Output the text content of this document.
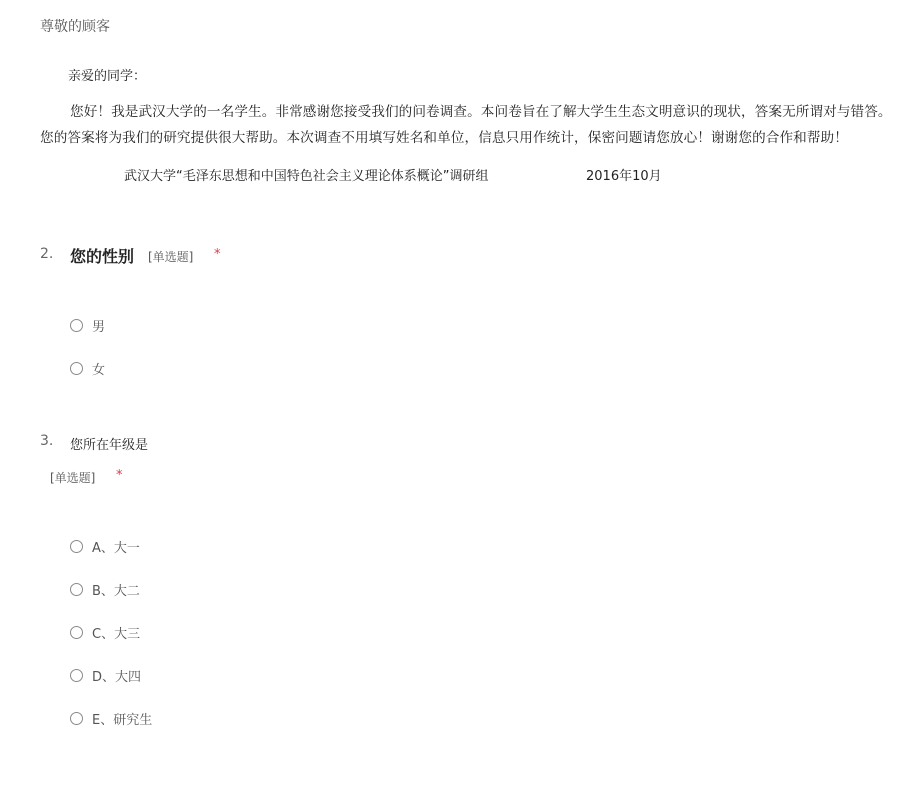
尊敬的顾客
亲爱的同学：
您好！我是武汉大学的一名学生。非常感谢您接受我们的问卷调查。本问卷旨在了解大学生生态文明意识的现状，答案无所谓对与错答。您的答案将为我们的研究提供很大帮助。本次调查不用填写姓名和单位，信息只用作统计，保密问题请您放心！谢谢您的合作和帮助！
武汉大学“毛泽东思想和中国特色社会主义理论体系概论”调研组	2016年10月
2. 您的性别 [单选题] *
男
女
3. 您所在年级是
[单选题] *
A、大一
B、大二
C、大三
D、大四
E、研究生
